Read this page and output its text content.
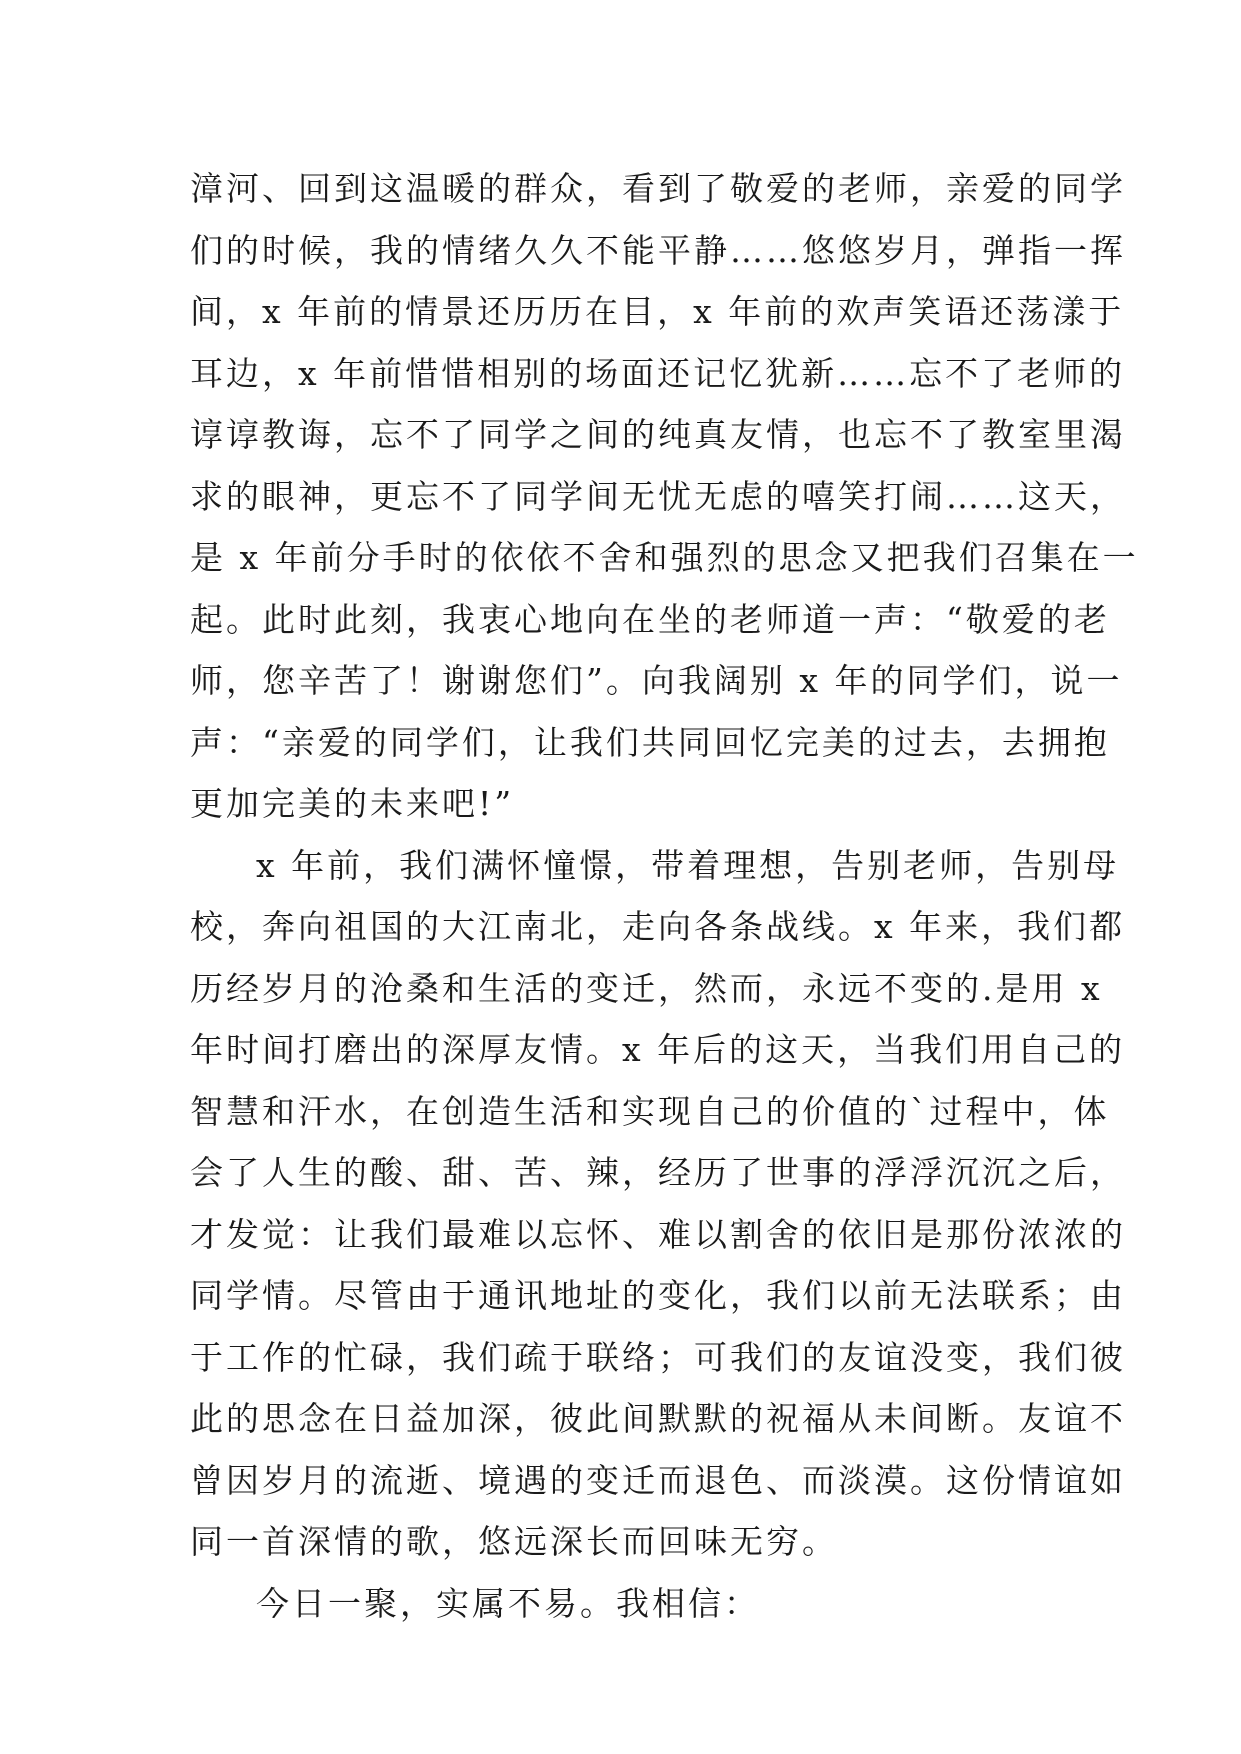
漳河、回到这温暖的群众，看到了敬爱的老师，亲爱的同学
们的时候，我的情绪久久不能平静……悠悠岁月，弹指一挥
间，x 年前的情景还历历在目，x 年前的欢声笑语还荡漾于
耳边，x 年前惜惜相别的场面还记忆犹新……忘不了老师的
谆谆教诲，忘不了同学之间的纯真友情，也忘不了教室里渴
求的眼神，更忘不了同学间无忧无虑的嘻笑打闹……这天，
是 x 年前分手时的依依不舍和强烈的思念又把我们召集在一
起。此时此刻，我衷心地向在坐的老师道一声：“敬爱的老
师，您辛苦了！谢谢您们”。向我阔别 x 年的同学们，说一
声：“亲爱的同学们，让我们共同回忆完美的过去，去拥抱
更加完美的未来吧!”
x 年前，我们满怀憧憬，带着理想，告别老师，告别母
校，奔向祖国的大江南北，走向各条战线。x 年来，我们都
历经岁月的沧桑和生活的变迁，然而，永远不变的.是用 x
年时间打磨出的深厚友情。x 年后的这天，当我们用自己的
智慧和汗水，在创造生活和实现自己的价值的`过程中，体
会了人生的酸、甜、苦、辣，经历了世事的浮浮沉沉之后，
才发觉：让我们最难以忘怀、难以割舍的依旧是那份浓浓的
同学情。尽管由于通讯地址的变化，我们以前无法联系；由
于工作的忙碌，我们疏于联络；可我们的友谊没变，我们彼
此的思念在日益加深，彼此间默默的祝福从未间断。友谊不
曾因岁月的流逝、境遇的变迁而退色、而淡漠。这份情谊如
同一首深情的歌，悠远深长而回味无穷。
今日一聚，实属不易。我相信：
